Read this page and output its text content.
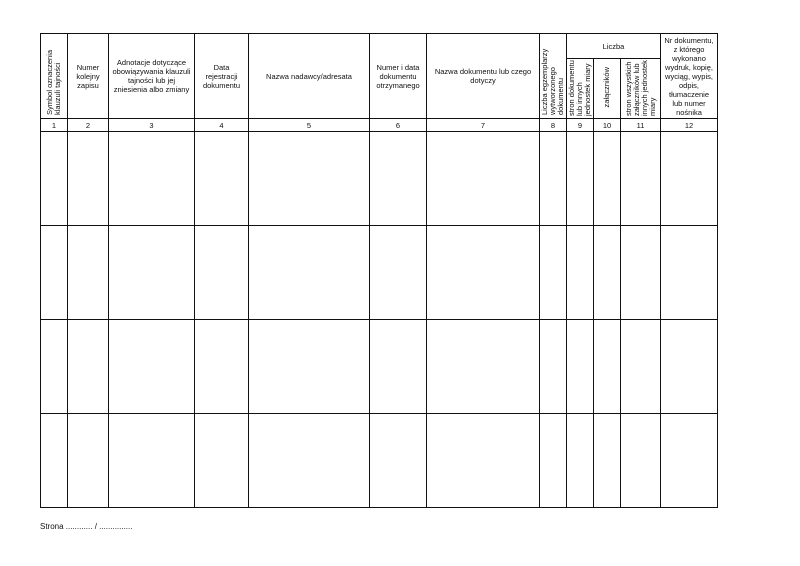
Symbol oznaczenia klauzuli tajności	Numer kolejny zapisu	Adnotacje dotyczące obowiązywania klauzuli tajności lub jej zniesienia albo zmiany	Data rejestracji dokumentu	Nazwa nadawcy/adresata	Numer i data dokumentu otrzymanego	Nazwa dokumentu lub czego dotyczy	Liczba egzemplarzy wytworzonego dokumentu	Liczba			Nr dokumentu, z którego wykonano wydruk, kopię, wyciąg, wypis, odpis, tłumaczenie lub numer nośnika
								stron dokumentu lub innych jednostek miary	załączników	stron wszystkich załączników lub innych jednostek miary	
1	2	3	4	5	6	7	8	9	10	11	12

Strona ............ / ...............
